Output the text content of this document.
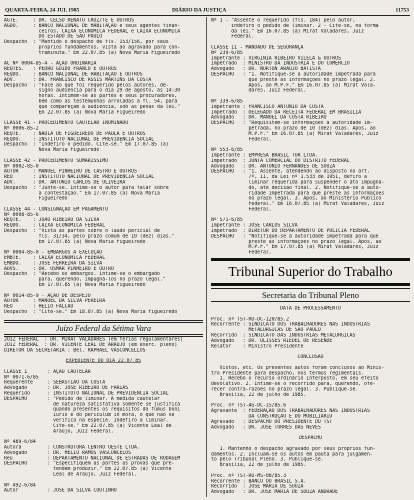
QUARTA-FEIRA, 24 JUL 1985	DIÁRIO DA JUSTIÇA	11753
AGTE.     : DR. CELSO RENATO CRUZ/TÉ E OUTROS
AGDO.     : BANCO NACIONAL DE HABITAÇÃO e seus agentes finan-
ceiros, CAIXA ECONÔMICA FEDERAL e CAIXA ECONÔMICA
DO ESTADO DE SÃO PAULO
Despacho  : "Mantido o despacho de fls. 153/156, por seus
próprios fundamentos, vista ao agravado para con-
traminuta." Em 22.07.85 (a) Nova Maria Figueiredo
AC Nº 0004-85-4 - AÇÃO ORDINÁRIA
REQTES.   : PEDRO GUIDO FRANCO E OUTROS
REQDO.    : BANCO NACIONAL DE HABITAÇÃO E OUTROS
ADV.      : DR. FRANCISCO DE ASSIS MARTINS DA COSTA
Despacho  : "Face ao que foi requerido pelos autores, de-
signo audiência para o dia 29 de agosto, às 14:30
horas. Intimem-se as partes e seus procuradores,
bem como as testemunhas arroladas à fl. 54, para
que compareçam à audiência, sob as penas da lei."
Em 22.07.85 (a) Nova Maria Figueiredo
CLASSE 41 - PROCEDIMENTO CAUTELAR INOMINADO
Nº 0006-85-2
REQTE.    : NÁDIA DE FIGUEIREDO DE PAULA E OUTROS
REQDO.    : INSTITUTO NACIONAL DE PREVIDÊNCIA SOCIAL
Despacho  : "Indefiro o pedido. Cite-se." Em 17.07.85 (a)
Nova Maria Figueiredo
CLASSE 42 - PROCEDIMENTO SUMARÍSSIMO
Nº 0002-85-0
AUTOR     : MANOEL PINHEIRO DE CASTRO E OUTROS
RÉU       : INSTITUTO NACIONAL DE PREVIDÊNCIA SOCIAL
ADV.      : DR. ANTONIO CARLOS DE OLIVEIRA
Despacho  : "Junte-se. Intime-se o autor para falar sobre
a contestação." Em 17.07.85 (a) Nova Maria
Figueiredo
CLASSE 44 - CONSIGNAÇÃO EM PAGAMENTO
Nº 0008-85-6
REQTE.    : JOÃO RIBEIRO DA SILVA
REQDO.    : CAIXA ECONÔMICA FEDERAL
Despacho  : "Vista às partes sobre o laudo pericial de
fls. 31/34, pelo prazo comum de 10 (dez) dias."
Em 17.07.85 (a) Nova Maria Figueiredo
Nº 0004-85-0 - EMBARGOS À EXECUÇÃO
EMBTE.    : CAIXA ECONÔMICA FEDERAL
EMBDO.    : JOSÉ FERREIRA DA SILVA
ADVS.     : DR. OSMAR PINHEIRO E OUTRO
Despacho  : "Recebo os embargos. Intime-se o embargado
para, querendo, impugná-los no prazo legal."
Em 17.07.85 (a) Nova Maria Figueiredo
Nº 0014-85-9 - AÇÃO DE DESPEJO
AUTOR     : MANOEL DA SILVA PEREIRA
RÉU       : HÉLIO FALCÃO
Despacho  : "Cite-se." Em 18.07.85 (a) Nova Maria Figueiredo
Juízo Federal da Sétima Vara
JUIZ FEDERAL  : DR. MIRAT VALADARES (em férias regulamentares)
JUIZ FEDERAL  : DR. VICENTE LEAL DE ARAÚJO (em exerc. pleno)
DIRETOR DA SECRETARIA : Bel. RAPHAEL VASCONCELLOS
EXPEDIENTE DO DIA 22.07.85
CLASSE 1       : AÇÃO CAUTELAR
Nº 0071-6/85
Requerente     : SEBASTIÃO DA COSTA
Advogado       : DR. JOSÉ RIBEIRO DE FARIAS
Requerido      : INSTITUTO NACIONAL DE PREVIDÊNCIA SOCIAL
DESPACHO       : "Pedido de liminar. A medida cautelar
de natureza satisfativa somente se justifica
quando presentes os requisitos do fumus boni
iuris e do periculum in mora, o que não se
verifica na espécie. Indefiro a liminar.
Cite-se." Em 22.07.85 (a) Vicente Leal de
Araújo, Juiz Federal.
Nº 489-6/84
Autora         : CONSTRUTORA CENTRO OESTE LTDA.
Advogado       : DR. HÉLIO RAMOS VASCONCELOS
Réu            : DEPARTAMENTO NACIONAL DE ESTRADAS DE RODAGEM
DESPACHO       : "Especifiquem as partes as provas que pre-
tendem produzir." Em 22.07.85 (a) Vicente
Leal de Araújo, Juiz Federal.
Nº 492-6/84
Autor          : JOSÉ DA SILVA COUTINHO
Nº 1 - "Assente o requerido (fls. 184) pelo autor,
indefiro o pedido de liminar. 2 - Cite-se, na forma
da lei." Em 16.07.85 (a) Mirat Valadares, Juiz
Federal.
CLASSE 11 - MANDADO DE SEGURANÇA
Nº 239-6/85
Impetrante : VIRGINIA RIBEIRO VILELA & OUTROS
Impetrado  : MINISTRO DA INDÚSTRIA E DO COMÉRCIO
Advogado   : DR. NORTON ARAÚJO BATISTA
DESPACHO   : "1. Notifique-se a autoridade impetrada para
que preste as informações no prazo legal. 2.
Após, ao M.P.F." Em 16.07.85 (a) Mirat Vala-
dares, Juiz Federal.
Nº 339-6/85
Impetrante : FRANCISCO ANTONIO DA COSTA
Impetrado  : DELEGADO DA RECEITA FEDERAL EM BRASÍLIA
Advogado   : DR. MANOEL DA COSTA RIBEIRO
DESPACHO   : "Requisitem-se informações à autoridade im-
petrada, no prazo de 10 (dez) dias. Após, ao
M.P.F." Em 16.07.85 (a) Mirat Valadares, Juiz
Federal.
Nº 553-6/85
Impetrante : EMPRESA BRASIL TUR LTDA.
Impetrado  : JUNTA COMERCIAL DO DISTRITO FEDERAL
Advogado   : DR. ANTONIO FERNANDES DE SOUZA
DESPACHO   : "1. Assente, atendendo ao disposto no art.
7º, II, da Lei nº 1.533 de 1951, defiro a
liminar requerida para suspender o ato impugna-
do, até decisão final. 2. Notifique-se a auto-
ridade impetrada para que preste as informações
no prazo legal. 3. Após, ao Ministério Público
Federal." Em 16.07.85 (a) Mirat Valadares, Juiz
Federal.
Nº 571-6/85
Impetrante : JOSÉ CARLOS SILVA
Impetrado  : DIRETOR DO DEPARTAMENTO DE POLÍCIA FEDERAL
DESPACHO   : "Notifique-se a autoridade impetrada para que
preste as informações no prazo legal. Após, ao
M.P.F." Em 17.07.85 (a) Mirat Valadares, Juiz
Federal.
Tribunal Superior do Trabalho
Secretaria do Tribunal Pleno
DATA DE PROCESSAMENTO
Proc. nº TST-RO-DC-120/85.2
Recorrente : SINDICATO DOS TRABALHADORES NAS INDÚSTRIAS
METALÚRGICAS DE SÃO PAULO
Recorrido  : SINDICATO DAS INDÚSTRIAS METALÚRGICAS
Advogado   : DR. ULISSES RIEDEL DE RESENDE
Relator    : Ministro Presidente
CONCLUSÃO
Vistos, etc. Os presentes autos foram conclusos ao Minis-
tro Presidente para despacho, nos termos regimentais.
1. Recebo o recurso ordinário interposto, em seu efeito
devolutivo. 2. Intime-se o recorrido para, querendo, ofe-
recer contra-razões no prazo legal. 3. Publique-se.
Brasília, 22 de julho de 1985.
Proc. nº TST-AG-DC-15/85.6
Agravante  : FEDERAÇÃO DOS TRABALHADORES NAS INDÚSTRIAS
DA CONSTRUÇÃO E DO MOBILIÁRIO
Agravado   : DESPACHO DO PRESIDENTE DO TST
Advogado   : DR. JOSÉ TÔRRES DAS NEVES
DESPACHO
1. Mantenho o despacho agravado por seus próprios fun-
damentos. 2. Incluam-se os autos em pauta para julgamen-
to pelo Tribunal Pleno. 3. Publique-se.
Brasília, 22 de julho de 1985.
Proc. nº TST-RO-MS-08/85.3
Recorrente : BANCO DO BRASIL S.A.
Recorrido  : JOSÉ MARIA DE SOUZA
Advogado   : DR. JOSÉ MARIA DE SOUZA ANDRADE
